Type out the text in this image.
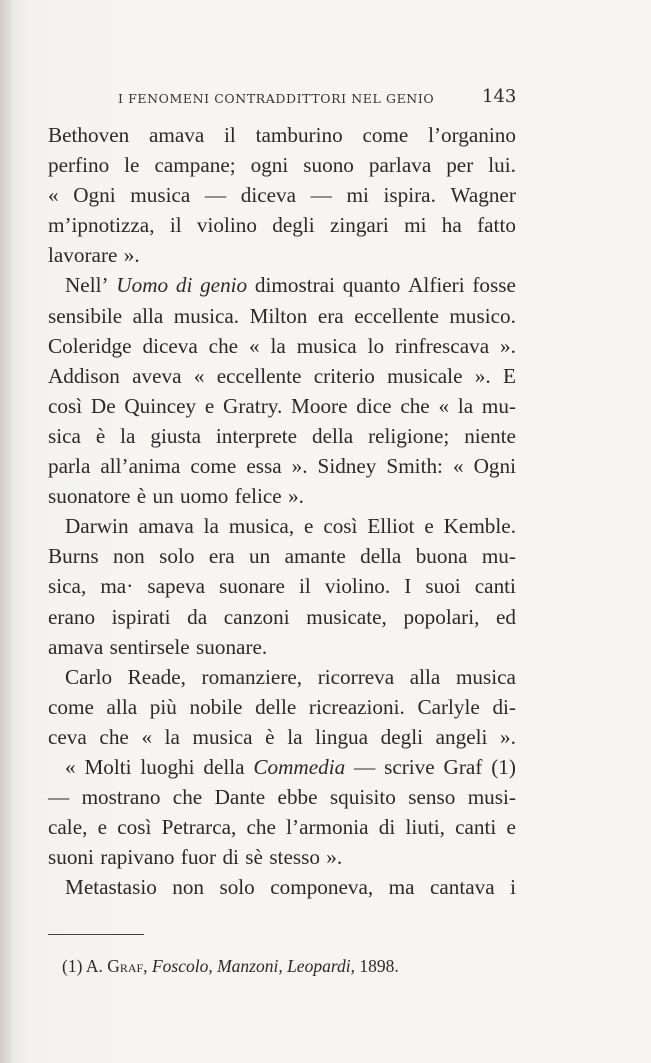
I FENOMENI CONTRADDITTORI NEL GENIO	143
Bethoven amava il tamburino come l’organino
perfino le campane; ogni suono parlava per lui.
« Ogni musica — diceva — mi ispira. Wagner
m’ipnotizza, il violino degli zingari mi ha fatto
lavorare ».
Nell’ Uomo di genio dimostrai quanto Alfieri fosse
sensibile alla musica. Milton era eccellente musico.
Coleridge diceva che « la musica lo rinfrescava ».
Addison aveva « eccellente criterio musicale ». E
così De Quincey e Gratry. Moore dice che « la mu-
sica è la giusta interprete della religione; niente
parla all’anima come essa ». Sidney Smith: « Ogni
suonatore è un uomo felice ».
Darwin amava la musica, e così Elliot e Kemble.
Burns non solo era un amante della buona mu-
sica, ma· sapeva suonare il violino. I suoi canti
erano ispirati da canzoni musicate, popolari, ed
amava sentirsele suonare.
Carlo Reade, romanziere, ricorreva alla musica
come alla più nobile delle ricreazioni. Carlyle di-
ceva che « la musica è la lingua degli angeli ».
« Molti luoghi della Commedia — scrive Graf (1)
— mostrano che Dante ebbe squisito senso musi-
cale, e così Petrarca, che l’armonia di liuti, canti e
suoni rapivano fuor di sè stesso ».
Metastasio non solo componeva, ma cantava i
(1) A. Graf, Foscolo, Manzoni, Leopardi, 1898.
